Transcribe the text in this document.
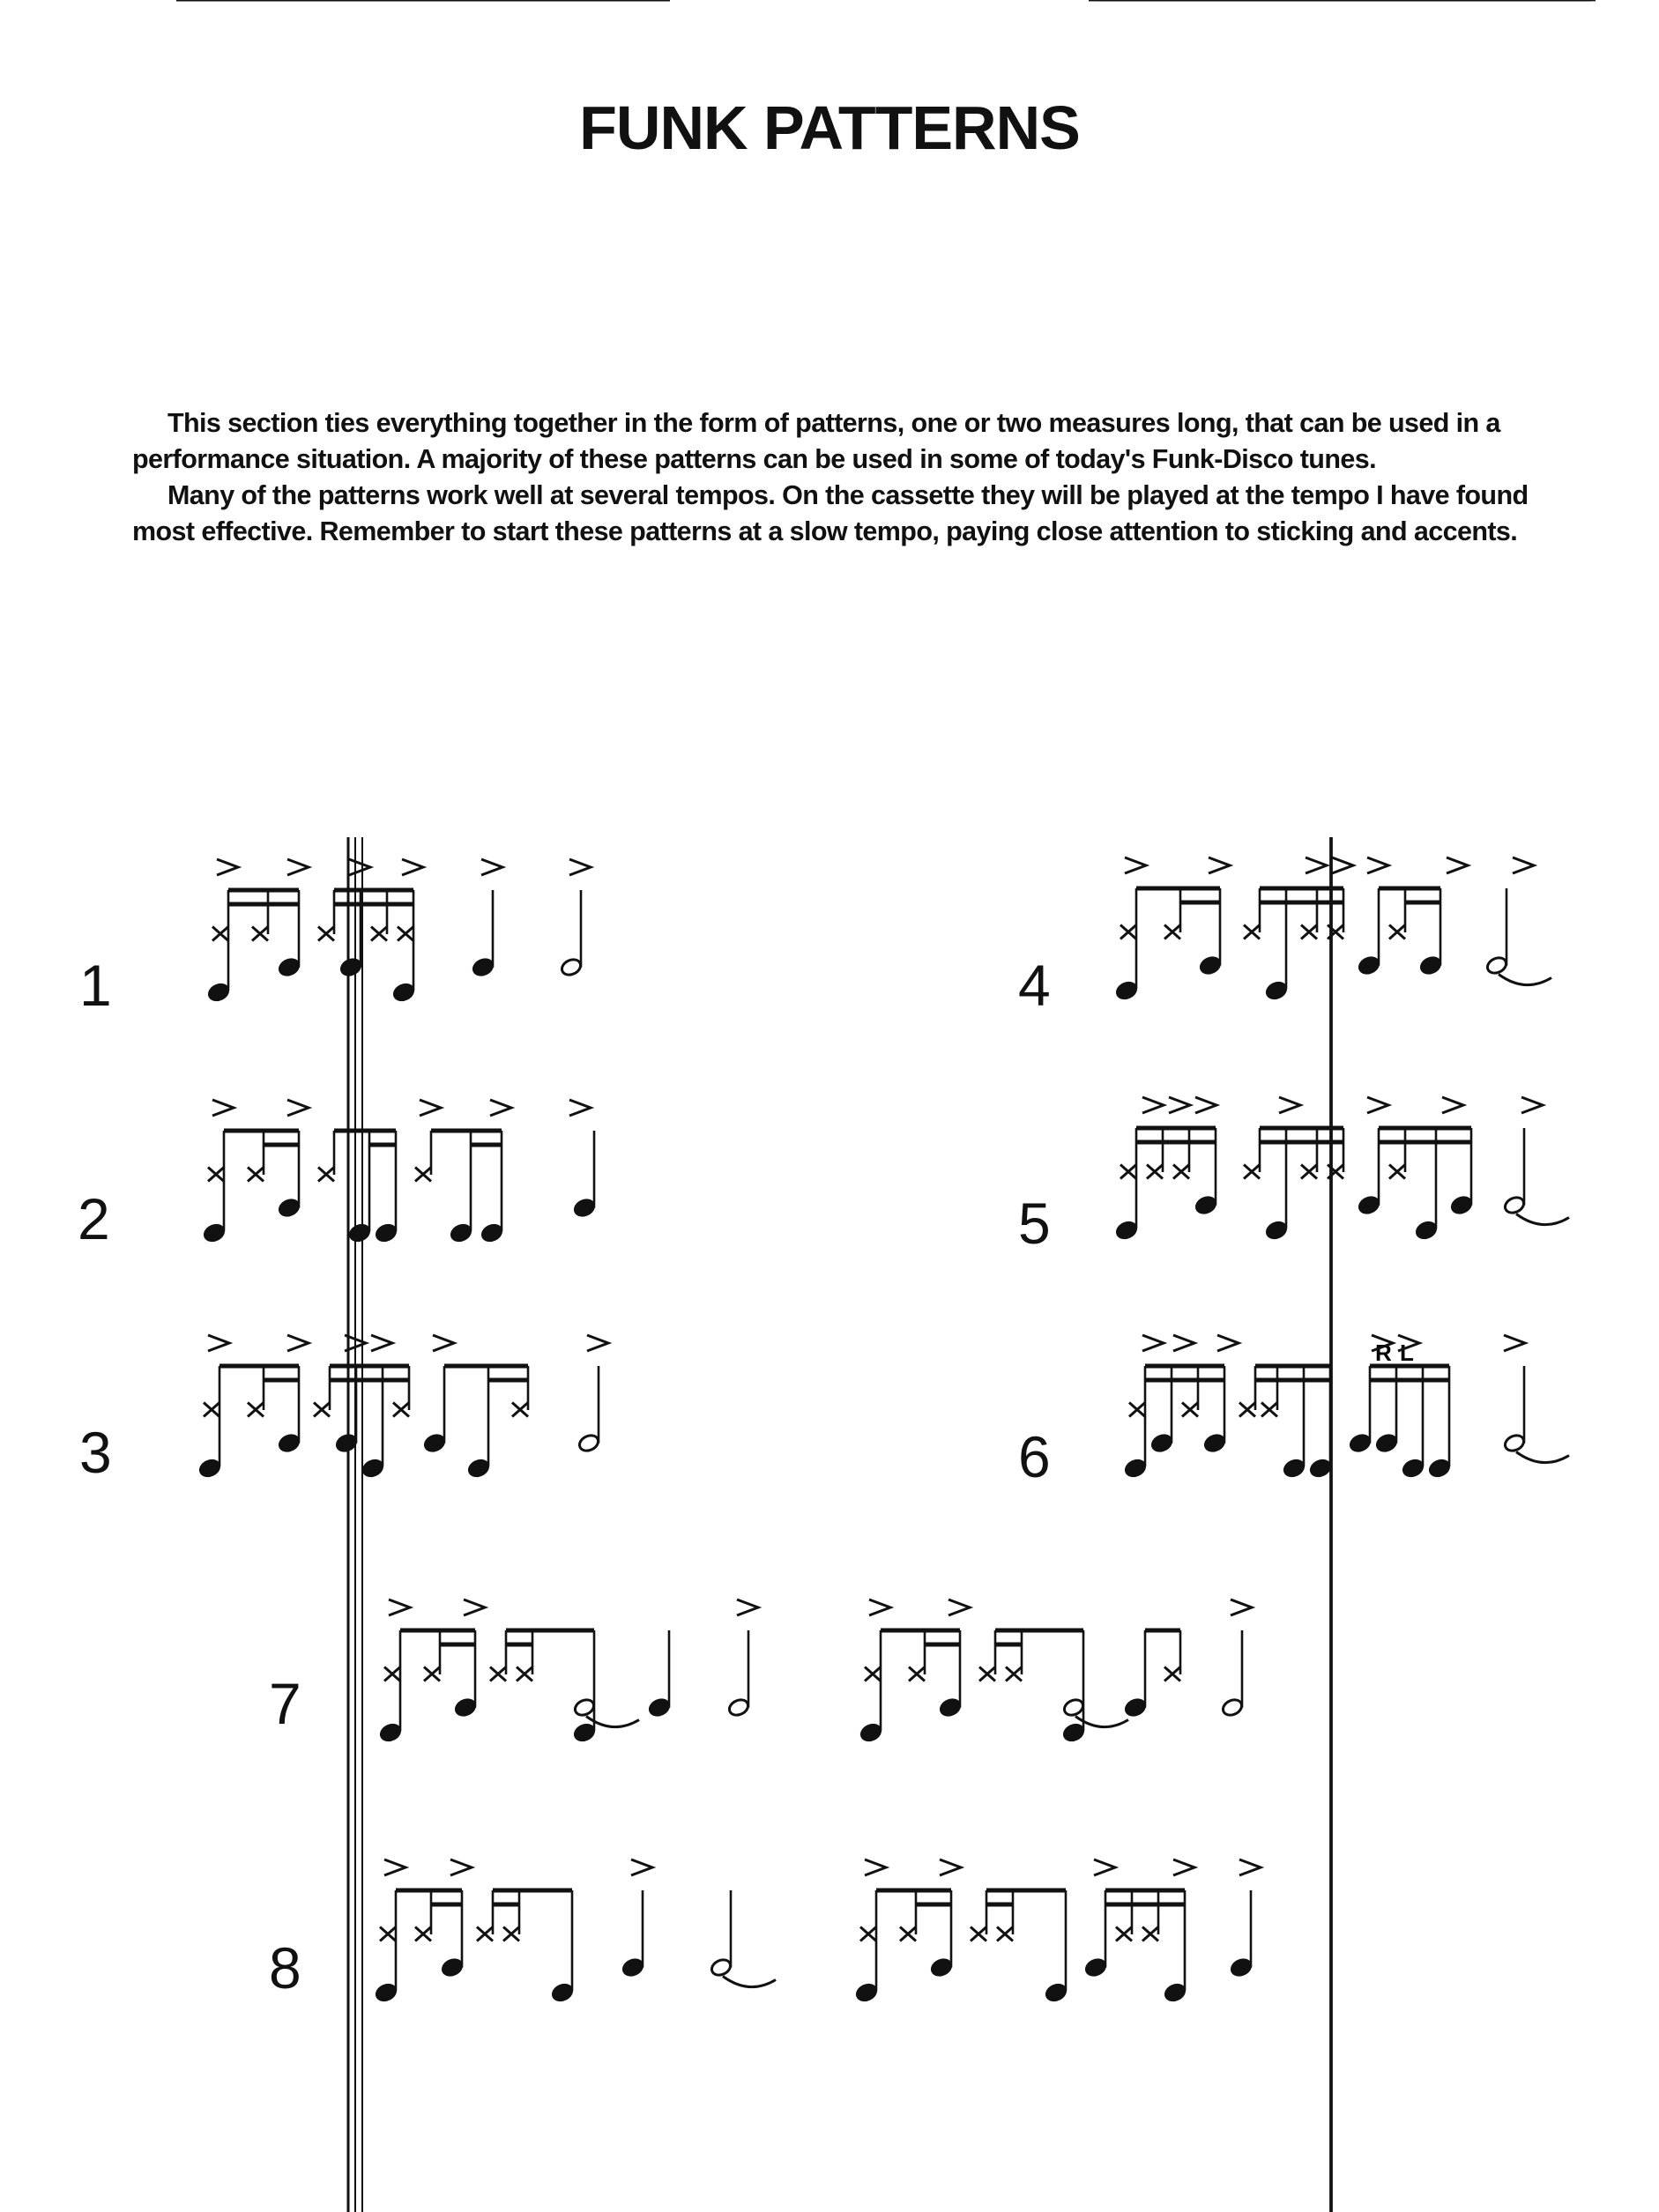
FUNK PATTERNS

This section ties everything together in the form of patterns, one or two measures long, that can be used in a performance situation. A majority of these patterns can be used in some of today's Funk-Disco tunes.

Many of the patterns work well at several tempos. On the cassette they will be played at the tempo I have found most effective. Remember to start these patterns at a slow tempo, paying close attention to sticking and accents.

1
2
3
4
5
6
7
8
R L
